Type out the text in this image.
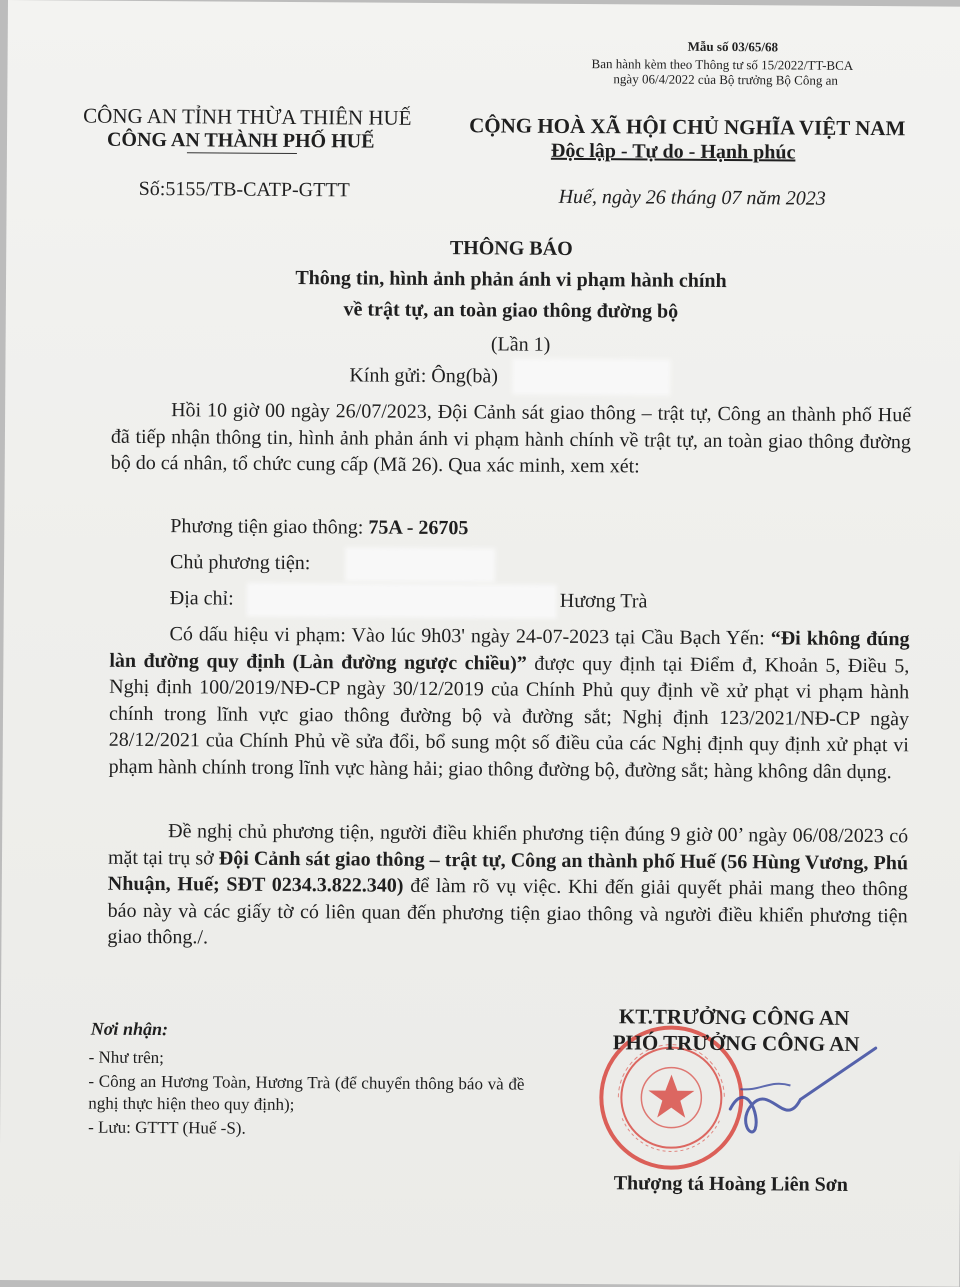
Mẫu số 03/65/68
Ban hành kèm theo Thông tư số 15/2022/TT-BCA
ngày 06/4/2022 của Bộ trưởng Bộ Công an
CÔNG AN TỈNH THỪA THIÊN HUẾ
CÔNG AN THÀNH PHỐ HUẾ
Số:5155/TB-CATP-GTTT
CỘNG HOÀ XÃ HỘI CHỦ NGHĨA VIỆT NAM
Độc lập - Tự do - Hạnh phúc
Huế, ngày 26 tháng 07 năm 2023
THÔNG BÁO
Thông tin, hình ảnh phản ánh vi phạm hành chính
về trật tự, an toàn giao thông đường bộ
(Lần 1)
Kính gửi: Ông(bà)
Hồi 10 giờ 00 ngày 26/07/2023, Đội Cảnh sát giao thông – trật tự, Công an thành phố Huế đã tiếp nhận thông tin, hình ảnh phản ánh vi phạm hành chính về trật tự, an toàn giao thông đường bộ do cá nhân, tổ chức cung cấp (Mã 26). Qua xác minh, xem xét:
Phương tiện giao thông: 75A - 26705
Chủ phương tiện:
Địa chỉ:	Hương Trà
Có dấu hiệu vi phạm: Vào lúc 9h03' ngày 24-07-2023 tại Cầu Bạch Yến: “Đi không đúng làn đường quy định (Làn đường ngược chiều)” được quy định tại Điểm đ, Khoản 5, Điều 5, Nghị định 100/2019/NĐ-CP ngày 30/12/2019 của Chính Phủ quy định về xử phạt vi phạm hành chính trong lĩnh vực giao thông đường bộ và đường sắt; Nghị định 123/2021/NĐ-CP ngày 28/12/2021 của Chính Phủ về sửa đổi, bổ sung một số điều của các Nghị định quy định xử phạt vi phạm hành chính trong lĩnh vực hàng hải; giao thông đường bộ, đường sắt; hàng không dân dụng.
Đề nghị chủ phương tiện, người điều khiển phương tiện đúng 9 giờ 00’ ngày 06/08/2023 có mặt tại trụ sở Đội Cảnh sát giao thông – trật tự, Công an thành phố Huế (56 Hùng Vương, Phú Nhuận, Huế; SĐT 0234.3.822.340) để làm rõ vụ việc. Khi đến giải quyết phải mang theo thông báo này và các giấy tờ có liên quan đến phương tiện giao thông và người điều khiển phương tiện giao thông./.
Nơi nhận:
- Như trên;
- Công an Hương Toàn, Hương Trà (để chuyển thông báo và đề nghị thực hiện theo quy định);
- Lưu: GTTT (Huế -S).
KT.TRƯỞNG CÔNG AN
PHÓ TRƯỞNG CÔNG AN
Thượng tá Hoàng Liên Sơn
